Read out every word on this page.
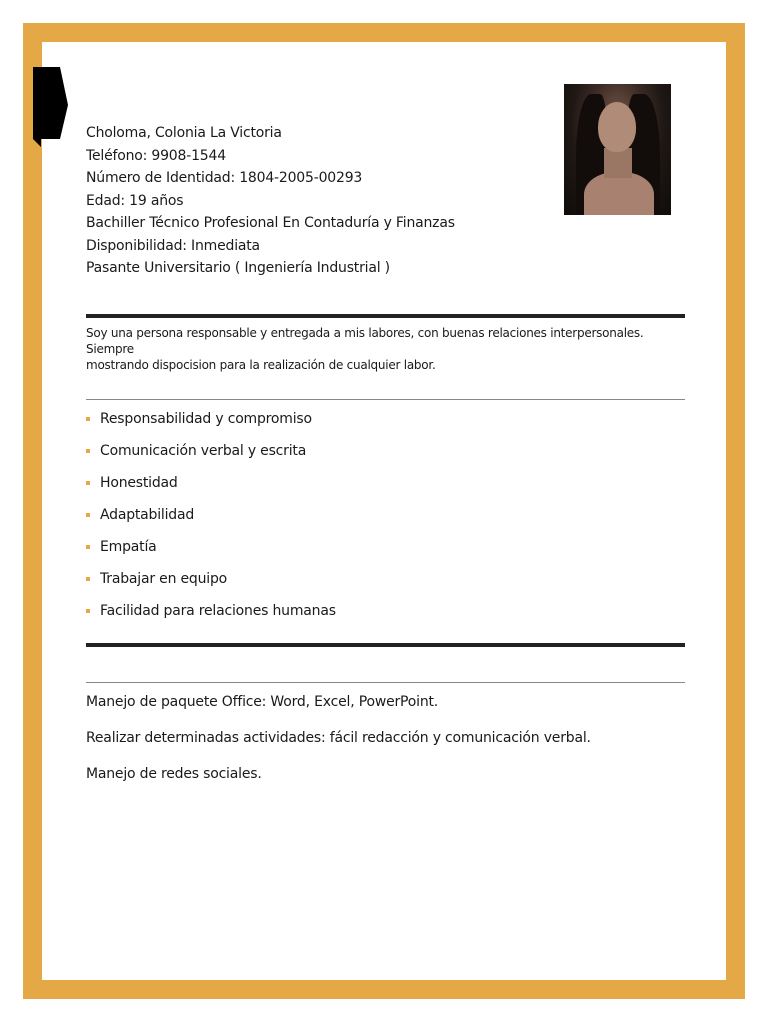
Choloma, Colonia La Victoria
Teléfono: 9908-1544
Número de Identidad: 1804-2005-00293
Edad: 19 años
Bachiller Técnico Profesional En Contaduría y Finanzas
Disponibilidad: Inmediata
Pasante Universitario ( Ingeniería Industrial )
Soy una persona responsable y entregada a mis labores, con buenas relaciones interpersonales. Siempre
mostrando dispocision para la realización de cualquier labor.
Responsabilidad y compromiso
Comunicación verbal y escrita
Honestidad
Adaptabilidad
Empatía
Trabajar en equipo
Facilidad para relaciones humanas
Manejo de paquete Office: Word, Excel, PowerPoint.
Realizar determinadas actividades: fácil redacción y comunicación verbal.
Manejo de redes sociales.
